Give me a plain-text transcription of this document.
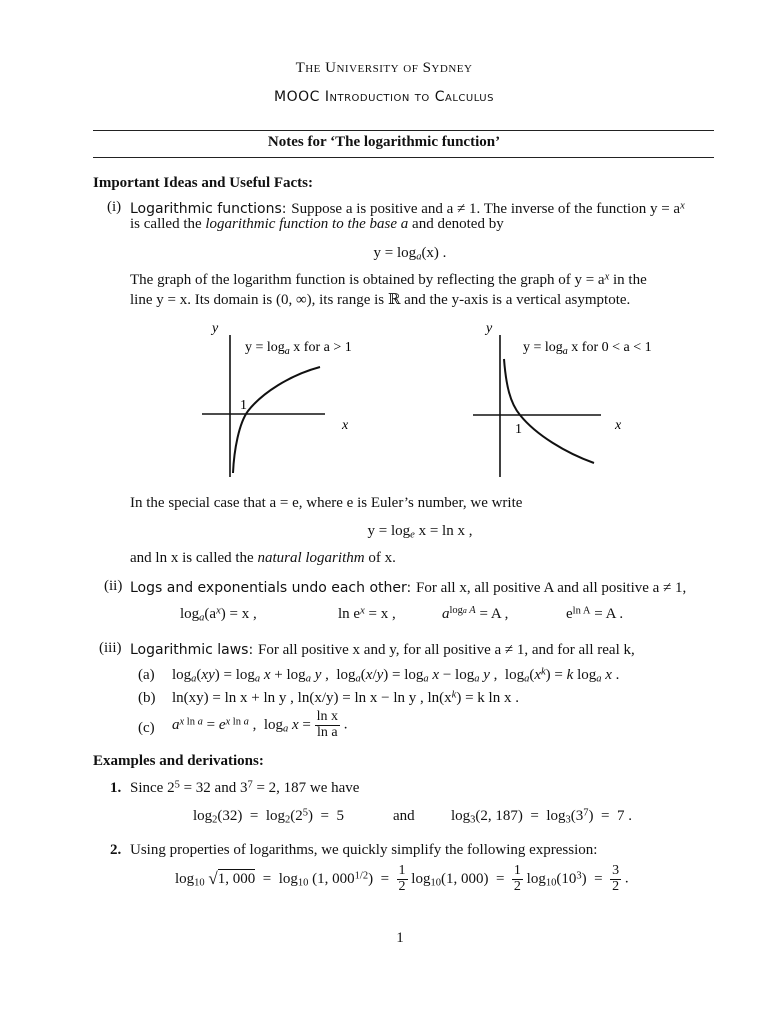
The University of Sydney
MOOC Introduction to Calculus
Notes for ‘The logarithmic function’
Important Ideas and Useful Facts:
(i) Logarithmic functions: Suppose a is positive and a ≠ 1. The inverse of the function $y = a^x$
is called the logarithmic function to the base a and denoted by
$y = \log_a(x)$ .
The graph of the logarithm function is obtained by reflecting the graph of $y = a^x$ in the
line y = x. Its domain is (0, ∞), its range is ℝ and the y-axis is a vertical asymptote.
y
x
1
$y = \log_a x$ for a > 1
y
x
1
$y = \log_a x$ for 0 < a < 1
In the special case that a = e, where e is Euler’s number, we write
$y = \log_e x = \ln x$ ,
and ln x is called the natural logarithm of x.
(ii) Logs and exponentials undo each other: For all x, all positive A and all positive a ≠ 1,
$\log_a(a^x) = x$ ,	$\ln e^x = x$ ,	$a^{loga A} = A$ ,	$e^{ln A} = A$ .
(iii) Logarithmic laws: For all positive x and y, for all positive a ≠ 1, and for all real k,
(a) $\log_a(xy) = \log_a x + \log_a y$ ,  $\log_a(x/y) = \log_a x - \log_a y$ ,  $\log_a(x^k) = k$ $\log_a x$ .
(b) ln(xy) = ln x + ln y , ln(x/y) = ln x − ln y , $\ln(x^k) = k$ ln x .
(c) $a^{x ln a} = e^{x ln a}$ ,  $\log_a x = \frac{\text{ln x}}{\text{ln a}}$ .
Examples and derivations:
1. Since $2^5 = 32$ and $3^7 = 2$, 187 we have
$\log_2(32) = \log_2(2^5) = 5$	and $\log_3(2$, $187) = \log_3(3^7) = 7$ .
2. Using properties of logarithms, we quickly simplify the following expression:
$\log_{10} √1$, $000 = \log_{10} (1$, $000^{1/2}) = \frac{1}{2} \log_{10}(1$, $000) = \frac{1}{2} \log_{10}(10^3) = \frac{3}{2}$ .
1
